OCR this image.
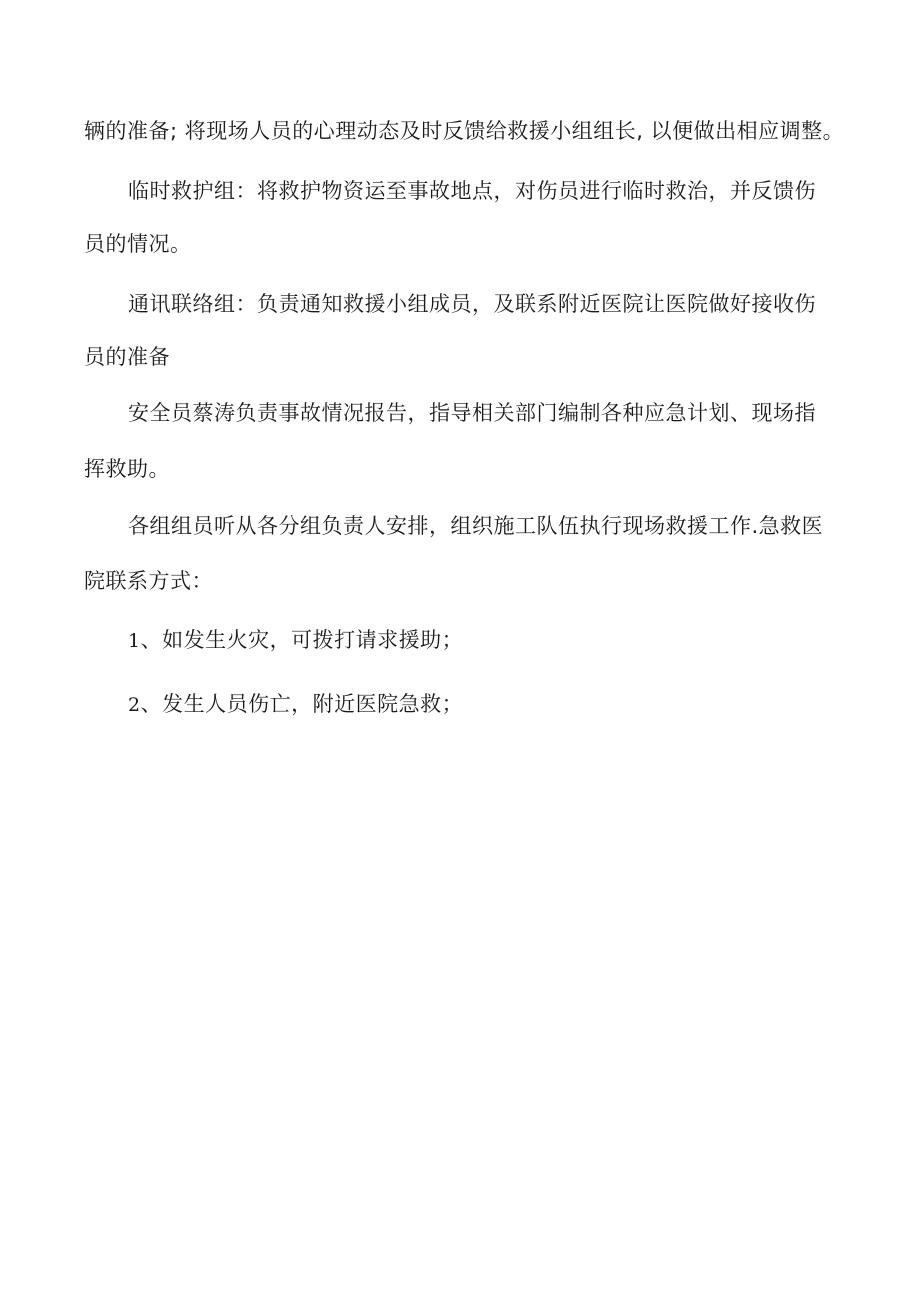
辆的准备; 将现场人员的心理动态及时反馈给救援小组组长, 以便做出相应调整。
临时救护组：将救护物资运至事故地点，对伤员进行临时救治，并反馈伤
员的情况。
通讯联络组：负责通知救援小组成员，及联系附近医院让医院做好接收伤
员的准备
安全员蔡涛负责事故情况报告，指导相关部门编制各种应急计划、现场指
挥救助。
各组组员听从各分组负责人安排，组织施工队伍执行现场救援工作.急救医
院联系方式：
1、如发生火灾，可拨打请求援助；
2、发生人员伤亡，附近医院急救；
